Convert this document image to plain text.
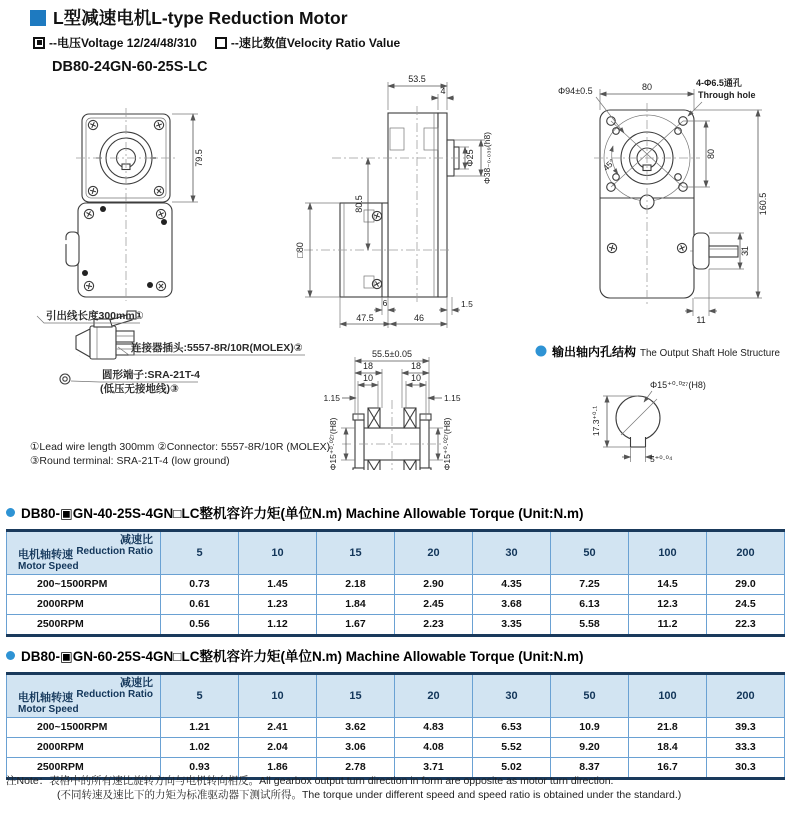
L型减速电机L-type Reduction Motor
--电压Voltage 12/24/48/310	--速比数值Velocity Ratio Value
DB80-24GN-60-25S-LC
79.5
引出线长度300mm①
连接器插头:5557-8R/10R(MOLEX)②
圆形端子:SRA-21T-4
(低压无接地线)③
53.5
4
Φ25 Φ38₋₀.₀₃₉(h8)
80.5
□80
6	1.5
47.5	46
55.5±0.05
18	18
10	10
1.15	1.15
Φ15⁺⁰·⁰²⁷(H8)	Φ15⁺⁰·⁰²⁷(H8)
45°
80
Φ94±0.5
4-Φ6.5通孔
Through hole
80
160.5
31
11
输出轴内孔结构 The Output Shaft Hole Structure
Φ15⁺⁰·⁰²⁷(H8)
17.3⁺⁰·¹
5⁺⁰·⁰⁴
①Lead wire length 300mm ②Connector: 5557-8R/10R (MOLEX)
③Round terminal: SRA-21T-4 (low ground)
DB80-▣GN-40-25S-4GN□LC整机容许力矩(单位N.m) Machine Allowable Torque (Unit:N.m)
减速比
Reduction Ratio
电机轴转速
Motor Speed	5	10	15	20	30	50	100	200
200~1500RPM	0.73	1.45	2.18	2.90	4.35	7.25	14.5	29.0
2000RPM	0.61	1.23	1.84	2.45	3.68	6.13	12.3	24.5
2500RPM	0.56	1.12	1.67	2.23	3.35	5.58	11.2	22.3
DB80-▣GN-60-25S-4GN□LC整机容许力矩(单位N.m) Machine Allowable Torque (Unit:N.m)
减速比
Reduction Ratio
电机轴转速
Motor Speed	5	10	15	20	30	50	100	200
200~1500RPM	1.21	2.41	3.62	4.83	6.53	10.9	21.8	39.3
2000RPM	1.02	2.04	3.06	4.08	5.52	9.20	18.4	33.3
2500RPM	0.93	1.86	2.78	3.71	5.02	8.37	16.7	30.3
注Note：表格中的所有速比旋转方向与电机转向相反。All gearbox output turn direction in form are opposite as motor turn direction.
(不同转速及速比下的力矩为标准驱动器下测试所得。The torque under different speed and speed ratio is obtained under the standard.)
